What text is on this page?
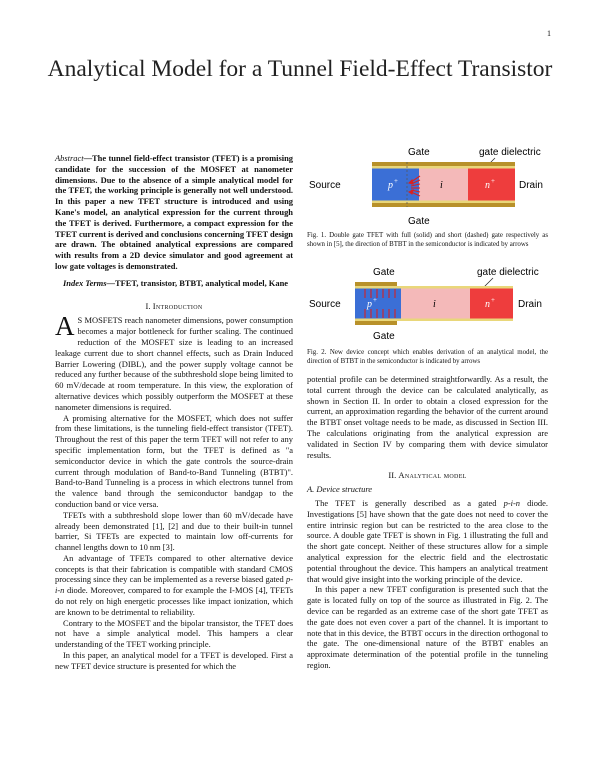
1
Analytical Model for a Tunnel Field-Effect Transistor

Abstract—The tunnel field-effect transistor (TFET) is a promising candidate for the succession of the MOSFET at nanometer dimensions. Due to the absence of a simple analytical model for the TFET, the working principle is generally not well understood. In this paper a new TFET structure is introduced and using Kane's model, an analytical expression for the current through the TFET is derived. Furthermore, a compact expression for the TFET current is derived and conclusions concerning TFET design are drawn. The obtained analytical expressions are compared with results from a 2D device simulator and good agreement at low gate voltages is demonstrated.

Index Terms—TFET, transistor, BTBT, analytical model, Kane

I. Introduction

A S MOSFETS reach nanometer dimensions, power consumption becomes a major bottleneck for further scaling. The continued reduction of the MOSFET size is leading to an increased leakage current due to short channel effects, such as Drain Induced Barrier Lowering (DIBL), and the power supply voltage cannot be reduced any further because of the subthreshold slope being limited to 60 mV/decade at room temperature. In this view, the exploration of alternative devices which possibly outperform the MOSFET at these nanometer dimensions is required.

A promising alternative for the MOSFET, which does not suffer from these limitations, is the tunneling field-effect transistor (TFET). Throughout the rest of this paper the term TFET will not refer to any specific implementation form, but the TFET is defined as "a semiconductor device in which the gate controls the source-drain current through modulation of Band-to-Band Tunneling (BTBT)". Band-to-Band Tunneling is a process in which electrons tunnel from the valence band through the semiconductor bandgap to the conduction band or vice versa.

TFETs with a subthreshold slope lower than 60 mV/decade have already been demonstrated [1], [2] and due to their built-in tunnel barrier, Si TFETs are expected to maintain low off-currents for channel lengths down to 10 nm [3].

An advantage of TFETs compared to other alternative device concepts is that their fabrication is compatible with standard CMOS processing since they can be implemented as a reverse biased gated p-i-n diode. Moreover, compared to for example the I-MOS [4], TFETs do not rely on high energetic processes like impact ionization, which are known to be detrimental to reliability.

Contrary to the MOSFET and the bipolar transistor, the TFET does not have a simple analytical model. This hampers a clear understanding of the TFET working principle.

In this paper, an analytical model for a TFET is developed. First a new TFET device structure is presented for which the

Gate	gate dielectric
Source	Drain
p +	i	n +
Gate
Fig. 1. Double gate TFET with full (solid) and short (dashed) gate respectively as shown in [5], the direction of BTBT in the semiconductor is indicated by arrows
Gate	gate dielectric
Source	Drain
p +	i	n +
Gate
Fig. 2. New device concept which enables derivation of an analytical model, the direction of BTBT in the semiconductor is indicated by arrows

potential profile can be determined straightforwardly. As a result, the total current through the device can be calculated analytically, as shown in Section II. In order to obtain a closed expression for the current, an approximation regarding the behavior of the current around the BTBT onset voltage needs to be made, as discussed in Section III. The calculations originating from the analytical expression are validated in Section IV by comparing them with device simulator results.

II. Analytical model
A. Device structure

The TFET is generally described as a gated p-i-n diode. Investigations [5] have shown that the gate does not need to cover the entire intrinsic region but can be restricted to the area close to the source. A double gate TFET is shown in Fig. 1 illustrating the full and the short gate concept. Neither of these structures allow for a simple analytical expression for the electric field and the electrostatic potential throughout the device. This hampers an analytical treatment that would give insight into the working principle of the device.

In this paper a new TFET configuration is presented such that the gate is located fully on top of the source as illustrated in Fig. 2. The device can be regarded as an extreme case of the short gate TFET as the gate does not even cover a part of the channel. It is important to note that in this device, the BTBT occurs in the direction orthogonal to the gate. The one-dimensional nature of the BTBT enables an approximate determination of the potential profile in the tunneling region.
